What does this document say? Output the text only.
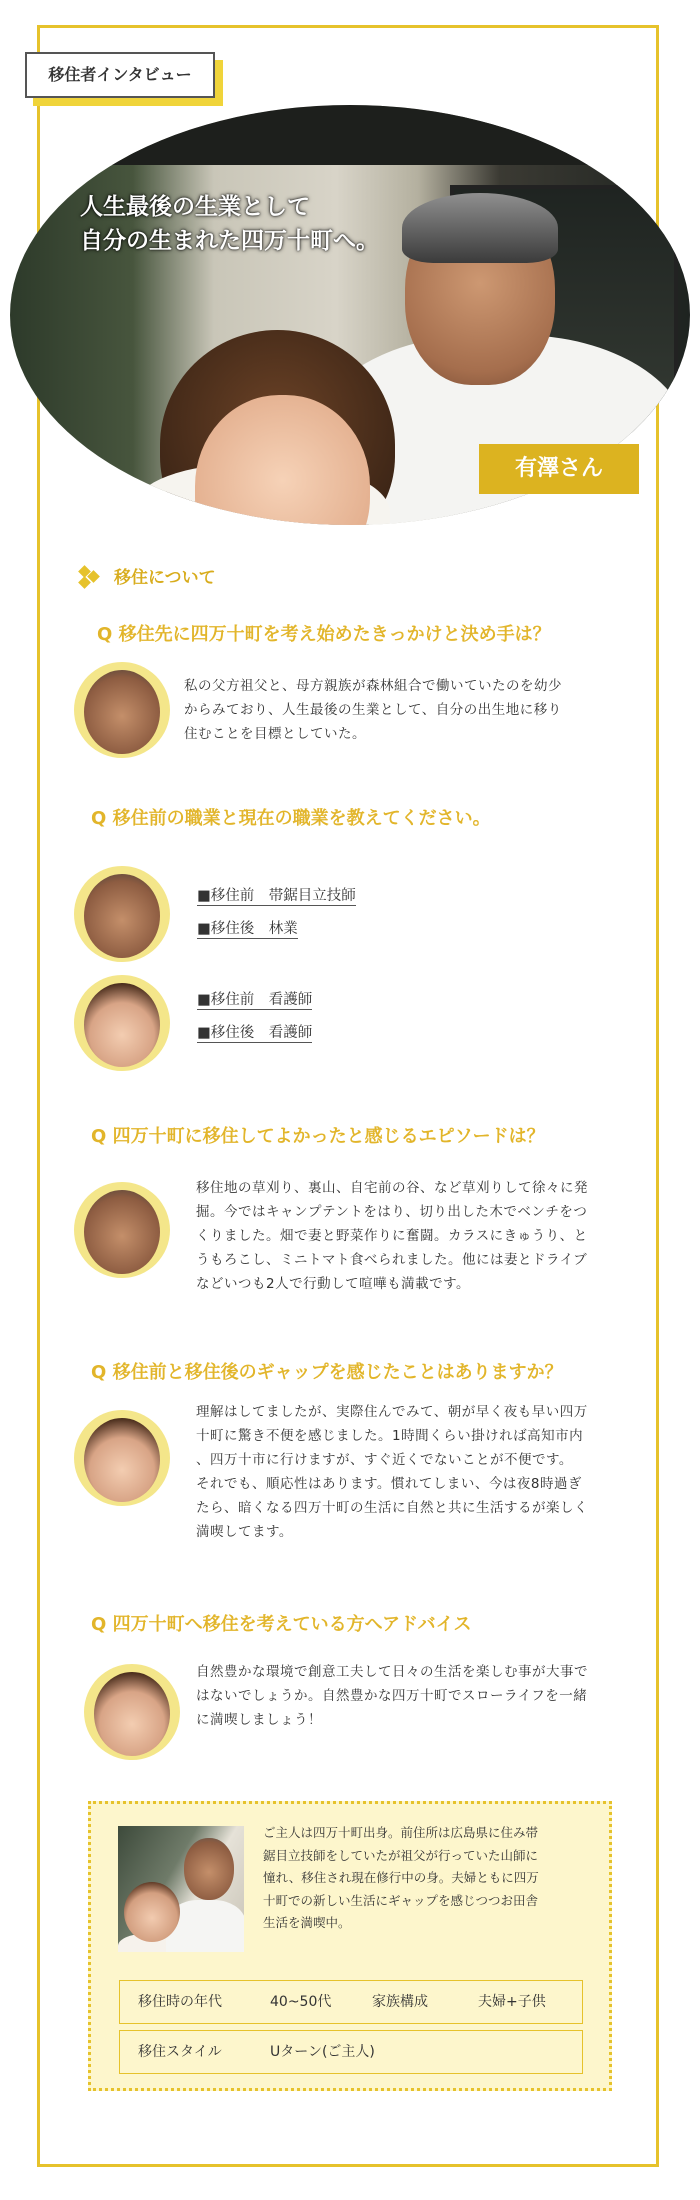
移住者インタビュー
人生最後の生業として
自分の生まれた四万十町へ。
有澤さん
移住について
Q 移住先に四万十町を考え始めたきっかけと決め手は？
私の父方祖父と、母方親族が森林組合で働いていたのを幼少
からみており、人生最後の生業として、自分の出生地に移り
住むことを目標としていた。
Q 移住前の職業と現在の職業を教えてください。
■移住前　帯鋸目立技師
■移住後　林業
■移住前　看護師
■移住後　看護師
Q 四万十町に移住してよかったと感じるエピソードは？
移住地の草刈り、裏山、自宅前の谷、など草刈りして徐々に発
掘。今ではキャンプテントをはり、切り出した木でベンチをつ
くりました。畑で妻と野菜作りに奮闘。カラスにきゅうり、と
うもろこし、ミニトマト食べられました。他には妻とドライブ
などいつも2人で行動して喧嘩も満載です。
Q 移住前と移住後のギャップを感じたことはありますか？
理解はしてましたが、実際住んでみて、朝が早く夜も早い四万
十町に驚き不便を感じました。1時間くらい掛ければ高知市内
、四万十市に行けますが、すぐ近くでないことが不便です。
それでも、順応性はあります。慣れてしまい、今は夜8時過ぎ
たら、暗くなる四万十町の生活に自然と共に生活するが楽しく
満喫してます。
Q 四万十町へ移住を考えている方へアドバイス
自然豊かな環境で創意工夫して日々の生活を楽しむ事が大事で
はないでしょうか。自然豊かな四万十町でスローライフを一緒
に満喫しましょう！
ご主人は四万十町出身。前住所は広島県に住み帯
鋸目立技師をしていたが祖父が行っていた山師に
憧れ、移住され現在修行中の身。夫婦ともに四万
十町での新しい生活にギャップを感じつつお田舎
生活を満喫中。
移住時の年代	40~50代	家族構成	夫婦+子供
移住スタイル	Uターン(ご主人)
